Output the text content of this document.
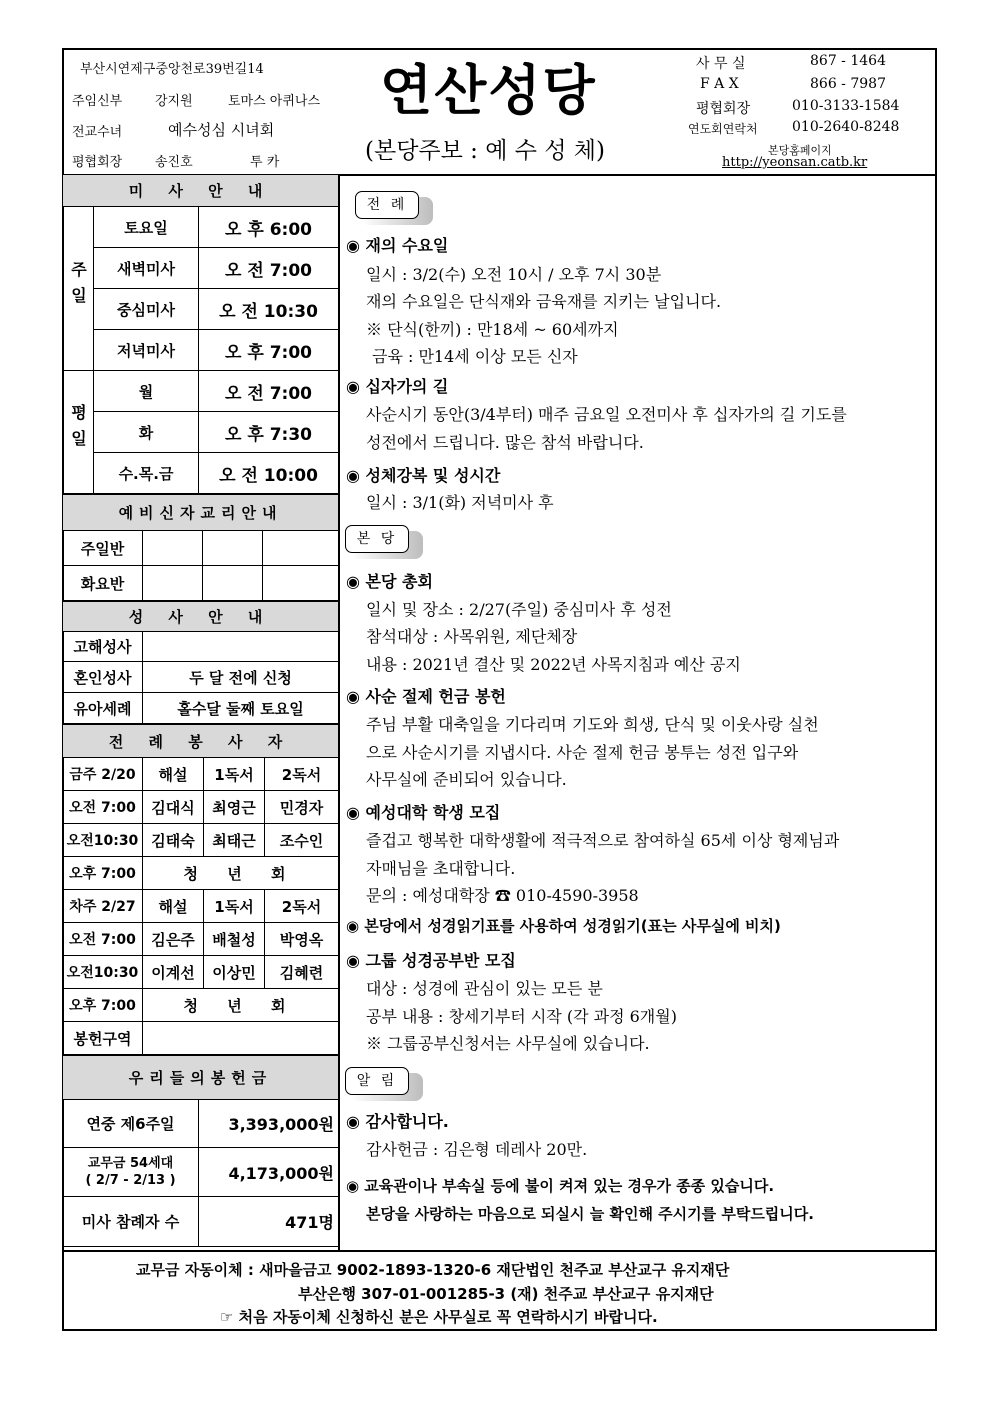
부산시연제구중앙천로39번길14
주임신부	강지원	토마스 아퀴나스
전교수녀	예수성심 시녀회
평협회장	송진호	투 카
연산성당
(본당주보 : 예 수 성 체)
사 무 실	867 - 1464
F A X	866 - 7987
평협회장	010-3133-1584
연도회연락처 010-2640-8248
본당홈페이지
http://yeonsan.catb.kr
미 사 안 내		
주일	토요일	오 후 6:00
	새벽미사	오 전 7:00
	중심미사	오 전 10:30
	저녁미사	오 후 7:00
평일	월	오 전 7:00
	화	오 후 7:30
	수.목.금	오 전 10:00
예비신자교리안내			
주일반			
화요반			
성 사 안 내	
고해성사	
혼인성사	두 달 전에 신청
유아세례	홀수달 둘째 토요일
전 례 봉 사 자			
금주 2/20	해설	1독서	2독서
오전 7:00	김대식	최영근	민경자
오전10:30	김태숙	최태근	조수인
오후 7:00	청 년 회		
차주 2/27	해설	1독서	2독서
오전 7:00	김은주	배철성	박영옥
오전10:30	이계선	이상민	김혜련
오후 7:00	청 년 회		
봉헌구역			
우리들의봉헌금	
연중 제6주일	3,393,000원

교무금 54세대
( 2/7 - 2/13 )	4,173,000원
미사 참례자 수	471명
전 례
◉ 재의 수요일
일시 : 3/2(수) 오전 10시 / 오후 7시 30분
재의 수요일은 단식재와 금육재를 지키는 날입니다.
※ 단식(한끼) : 만18세 ~ 60세까지
금육 : 만14세 이상 모든 신자
◉ 십자가의 길
사순시기 동안(3/4부터) 매주 금요일 오전미사 후 십자가의 길 기도를
성전에서 드립니다. 많은 참석 바랍니다.
◉ 성체강복 및 성시간
일시 : 3/1(화) 저녁미사 후
본 당
◉ 본당 총회
일시 및 장소 : 2/27(주일) 중심미사 후 성전
참석대상 : 사목위원, 제단체장
내용 : 2021년 결산 및 2022년 사목지침과 예산 공지
◉ 사순 절제 헌금 봉헌
주님 부활 대축일을 기다리며 기도와 희생, 단식 및 이웃사랑 실천
으로 사순시기를 지냅시다. 사순 절제 헌금 봉투는 성전 입구와
사무실에 준비되어 있습니다.
◉ 예성대학 학생 모집
즐겁고 행복한 대학생활에 적극적으로 참여하실 65세 이상 형제님과
자매님을 초대합니다.
문의 : 예성대학장 ☎ 010-4590-3958
◉ 본당에서 성경읽기표를 사용하여 성경읽기(표는 사무실에 비치)
◉ 그룹 성경공부반 모집
대상 : 성경에 관심이 있는 모든 분
공부 내용 : 창세기부터 시작 (각 과정 6개월)
※ 그룹공부신청서는 사무실에 있습니다.
알 림
◉ 감사합니다.
감사헌금 : 김은형 데레사 20만.
◉ 교육관이나 부속실 등에 불이 켜져 있는 경우가 종종 있습니다.
본당을 사랑하는 마음으로 되실시 늘 확인해 주시기를 부탁드립니다.
교무금 자동이체 : 새마을금고 9002-1893-1320-6 재단법인 천주교 부산교구 유지재단
부산은행 307-01-001285-3 (재) 천주교 부산교구 유지재단
☞ 처음 자동이체 신청하신 분은 사무실로 꼭 연락하시기 바랍니다.
